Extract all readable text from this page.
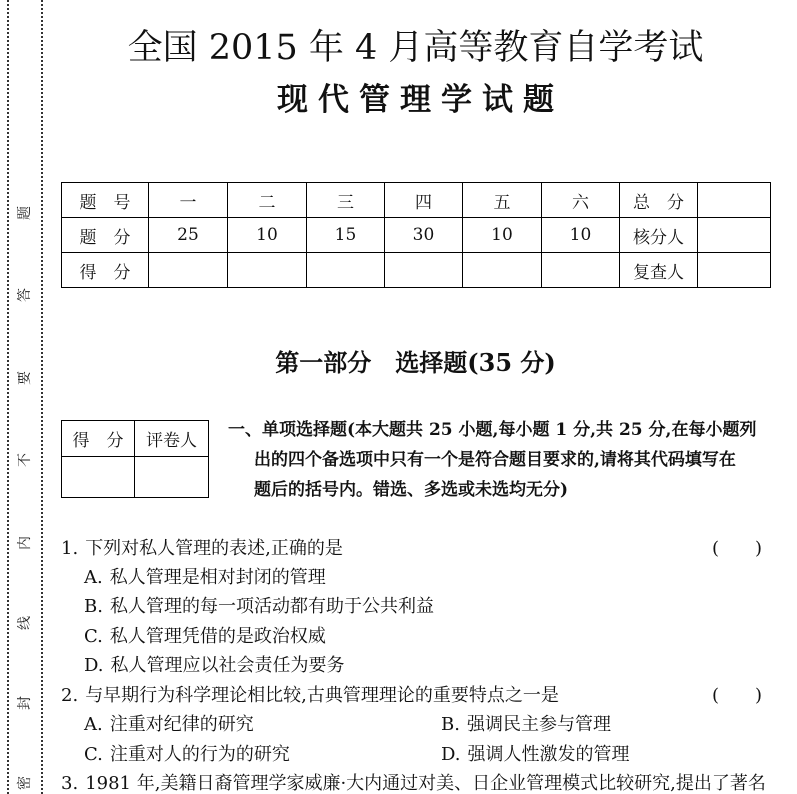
题
答
要
不
内
线
封
密
全国 2015 年 4 月高等教育自学考试
现代管理学试题
题　号	一	二	三	四	五	六	总　分	
题　分	25	10	15	30	10	10	核分人	
得　分							复查人	
第一部分　选择题(35 分)
得　分	评卷人

一、单项选择题(本大题共 25 小题,每小题 1 分,共 25 分,在每小题列
出的四个备选项中只有一个是符合题目要求的,请将其代码填写在
题后的括号内。错选、多选或未选均无分)
1. 下列对私人管理的表述,正确的是	(　　)
A. 私人管理是相对封闭的管理
B. 私人管理的每一项活动都有助于公共利益
C. 私人管理凭借的是政治权威
D. 私人管理应以社会责任为要务
2. 与早期行为科学理论相比较,古典管理理论的重要特点之一是	(　　)
A. 注重对纪律的研究	B. 强调民主参与管理
C. 注重对人的行为的研究	D. 强调人性激发的管理
3. 1981 年,美籍日裔管理学家威廉·大内通过对美、日企业管理模式比较研究,提出了著名
